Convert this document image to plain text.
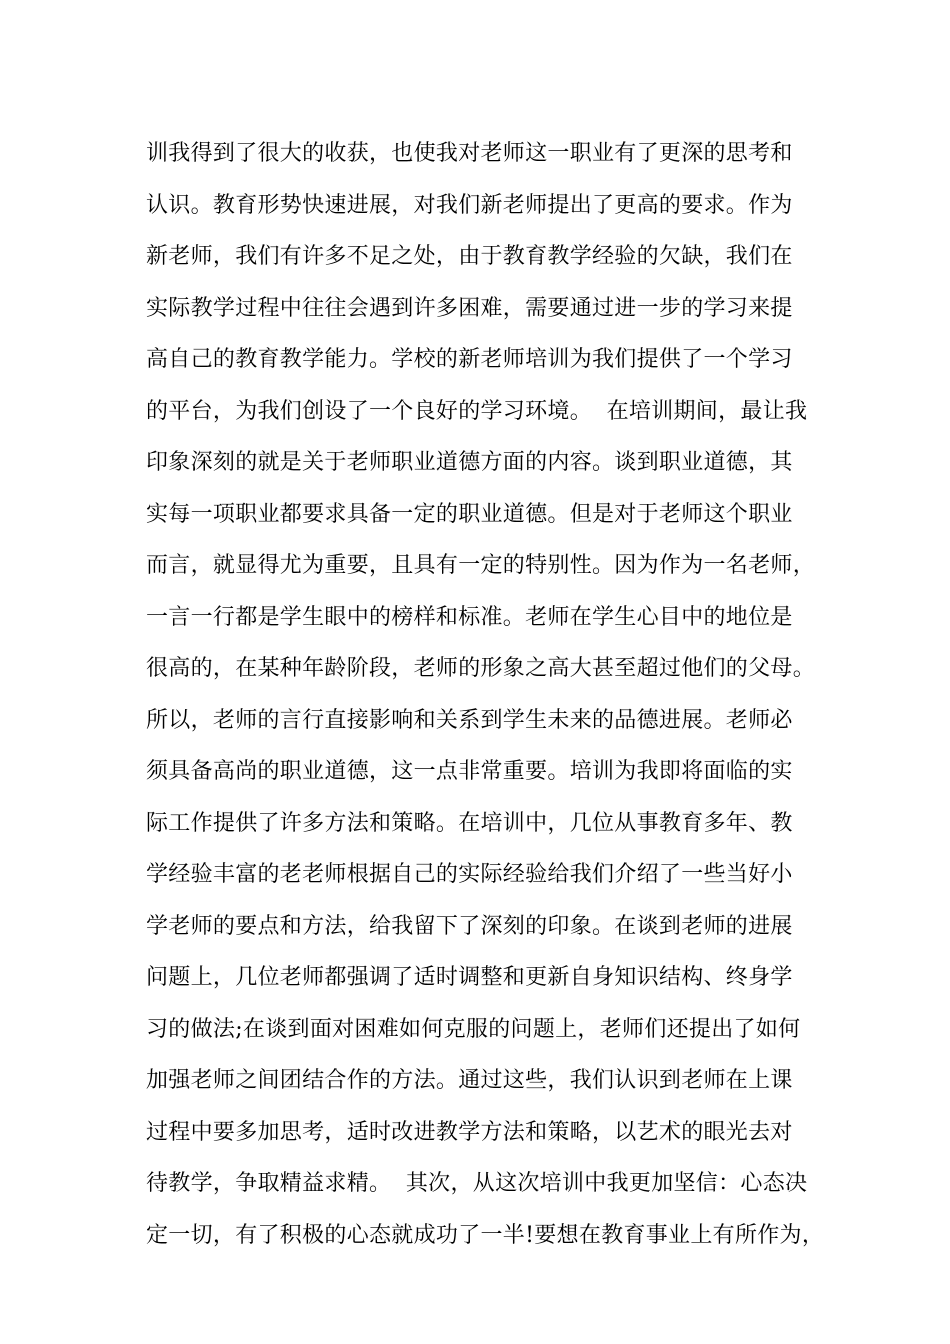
训我得到了很大的收获，也使我对老师这一职业有了更深的思考和
认识。教育形势快速进展，对我们新老师提出了更高的要求。作为
新老师，我们有许多不足之处，由于教育教学经验的欠缺，我们在
实际教学过程中往往会遇到许多困难，需要通过进一步的学习来提
高自己的教育教学能力。学校的新老师培训为我们提供了一个学习
的平台，为我们创设了一个良好的学习环境。  在培训期间，最让我
印象深刻的就是关于老师职业道德方面的内容。谈到职业道德，其
实每一项职业都要求具备一定的职业道德。但是对于老师这个职业
而言，就显得尤为重要，且具有一定的特别性。因为作为一名老师，
一言一行都是学生眼中的榜样和标准。老师在学生心目中的地位是
很高的，在某种年龄阶段，老师的形象之高大甚至超过他们的父母。
所以，老师的言行直接影响和关系到学生未来的品德进展。老师必
须具备高尚的职业道德，这一点非常重要。培训为我即将面临的实
际工作提供了许多方法和策略。在培训中，几位从事教育多年、教
学经验丰富的老老师根据自己的实际经验给我们介绍了一些当好小
学老师的要点和方法，给我留下了深刻的印象。在谈到老师的进展
问题上，几位老师都强调了适时调整和更新自身知识结构、终身学
习的做法;在谈到面对困难如何克服的问题上，老师们还提出了如何
加强老师之间团结合作的方法。通过这些，我们认识到老师在上课
过程中要多加思考，适时改进教学方法和策略，以艺术的眼光去对
待教学，争取精益求精。  其次，从这次培训中我更加坚信：心态决
定一切，有了积极的心态就成功了一半!要想在教育事业上有所作为，
